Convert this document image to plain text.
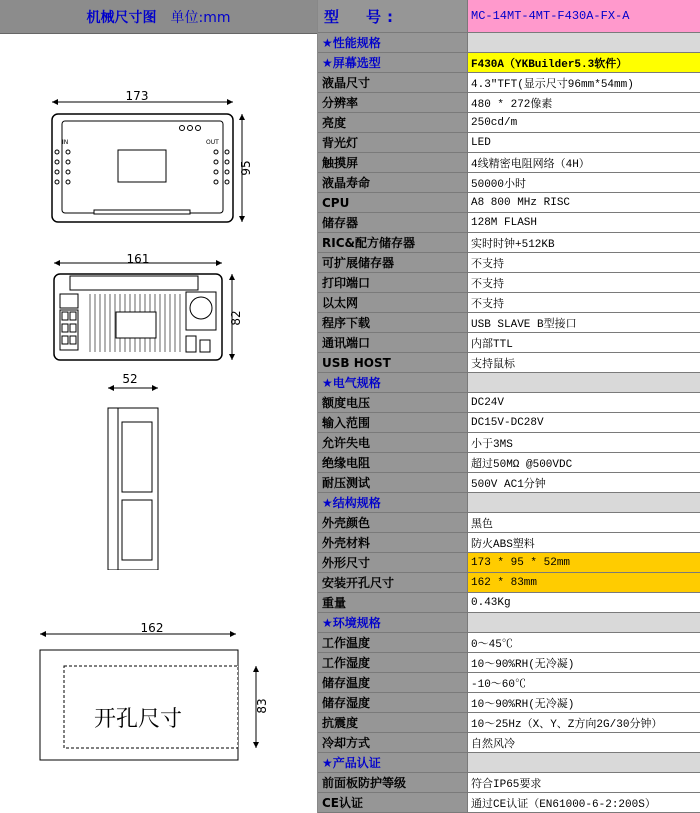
机械尺寸图 单位:mm
173
IN	OUT
95
161
82
52
162
开孔尺寸
83
型　号:	MC-14MT-4MT-F430A-FX-A
★性能规格
★屏幕选型	F430A（YKBuilder5.3软件）
液晶尺寸	4.3"TFT(显示尺寸96mm*54mm)
分辨率	480 * 272像素
亮度	250cd/m
背光灯	LED
触摸屏	4线精密电阻网络（4H）
液晶寿命	50000小时
CPU	A8 800 MHz RISC
储存器	128M FLASH
RIC&配方储存器	实时时钟+512KB
可扩展储存器	不支持
打印端口	不支持
以太网	不支持
程序下载	USB SLAVE B型接口
通讯端口	内部TTL
USB HOST	支持鼠标
★电气规格
额度电压	DC24V
输入范围	DC15V-DC28V
允许失电	小于3MS
绝缘电阻	超过50MΩ @500VDC
耐压测试	500V AC1分钟
★结构规格
外壳颜色	黑色
外壳材料	防火ABS塑料
外形尺寸	173 * 95 * 52mm
安装开孔尺寸	162 * 83mm
重量	0.43Kg
★环境规格
工作温度	0～45℃
工作湿度	10～90%RH(无冷凝)
储存温度	-10～60℃
储存湿度	10～90%RH(无冷凝)
抗震度	10～25Hz（X、Y、Z方向2G/30分钟）
冷却方式	自然风冷
★产品认证
前面板防护等级	符合IP65要求
CE认证	通过CE认证（EN61000-6-2:200S）
